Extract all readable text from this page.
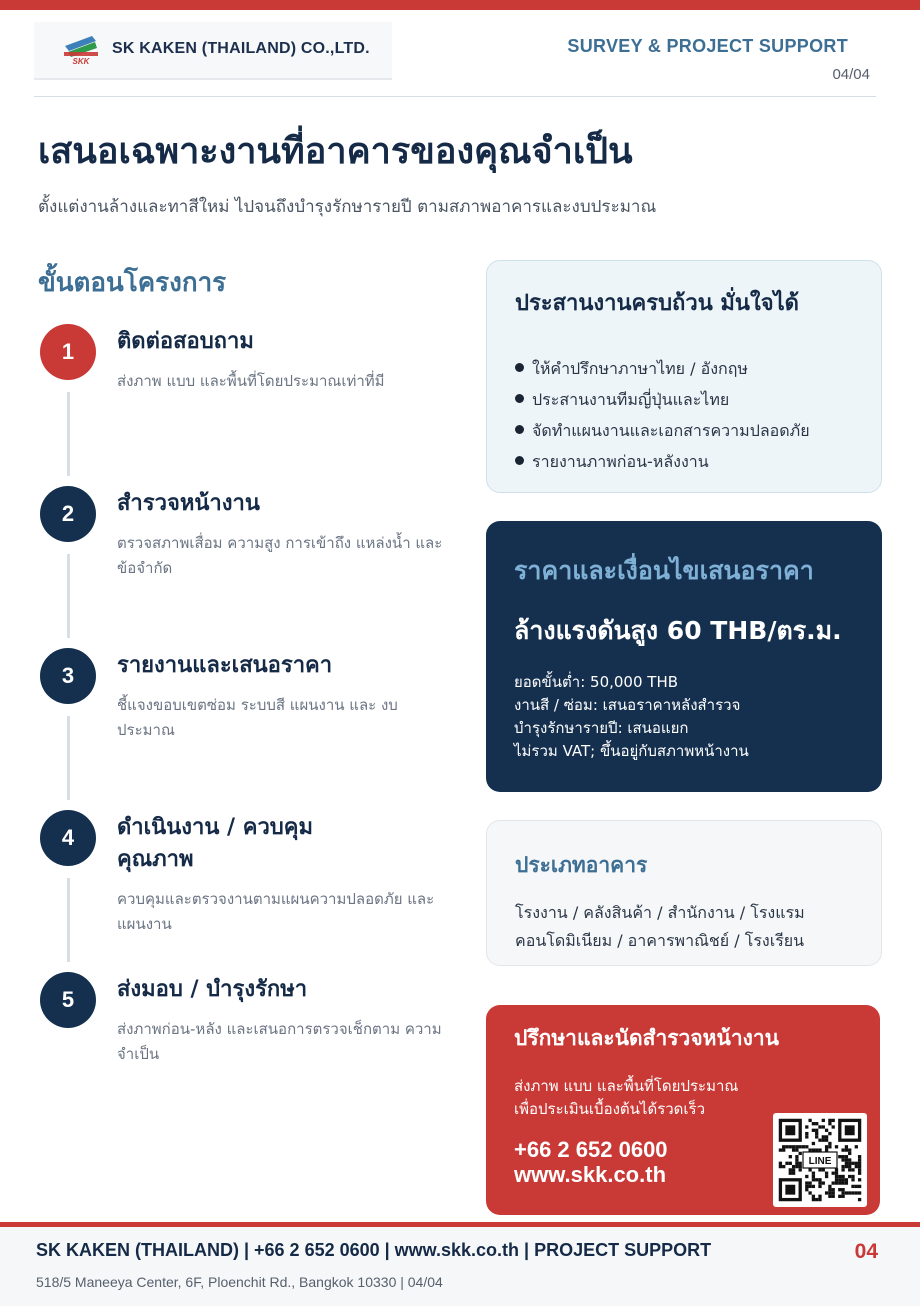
SKK
SK KAKEN (THAILAND) CO.,LTD.	SURVEY & PROJECT SUPPORT
04/04
เสนอเฉพาะงานที่อาคารของคุณจำเป็น

ตั้งแต่งานล้างและทาสีใหม่ ไปจนถึงบำรุงรักษารายปี ตามสภาพอาคารและงบประมาณ

ขั้นตอนโครงการ
1	ติดต่อสอบถาม
ส่งภาพ แบบ และพื้นที่โดยประมาณเท่าที่มี
2	สำรวจหน้างาน
ตรวจสภาพเสื่อม ความสูง การเข้าถึง แหล่งน้ำ และข้อจำกัด
3	รายงานและเสนอราคา
ชี้แจงขอบเขตซ่อม ระบบสี แผนงาน และ งบประมาณ
4	ดำเนินงาน / ควบคุม คุณภาพ
ควบคุมและตรวจงานตามแผนความปลอดภัย และแผนงาน
5	ส่งมอบ / บำรุงรักษา
ส่งภาพก่อน-หลัง และเสนอการตรวจเช็กตาม ความจำเป็น
ประสานงานครบถ้วน มั่นใจได้
ให้คำปรึกษาภาษาไทย / อังกฤษ
ประสานงานทีมญี่ปุ่นและไทย
จัดทำแผนงานและเอกสารความปลอดภัย
รายงานภาพก่อน-หลังงาน
ราคาและเงื่อนไขเสนอราคา
ล้างแรงดันสูง 60 THB/ตร.ม.
ยอดขั้นต่ำ: 50,000 THB
งานสี / ซ่อม: เสนอราคาหลังสำรวจ
บำรุงรักษารายปี: เสนอแยก
ไม่รวม VAT; ขึ้นอยู่กับสภาพหน้างาน
ประเภทอาคาร
โรงงาน / คลังสินค้า / สำนักงาน / โรงแรม
คอนโดมิเนียม / อาคารพาณิชย์ / โรงเรียน
ปรึกษาและนัดสำรวจหน้างาน
ส่งภาพ แบบ และพื้นที่โดยประมาณ
เพื่อประเมินเบื้องต้นได้รวดเร็ว
+66 2 652 0600
www.skk.co.th
LINE
SK KAKEN (THAILAND) | +66 2 652 0600 | www.skk.co.th | PROJECT SUPPORT	04
518/5 Maneeya Center, 6F, Ploenchit Rd., Bangkok 10330 | 04/04
